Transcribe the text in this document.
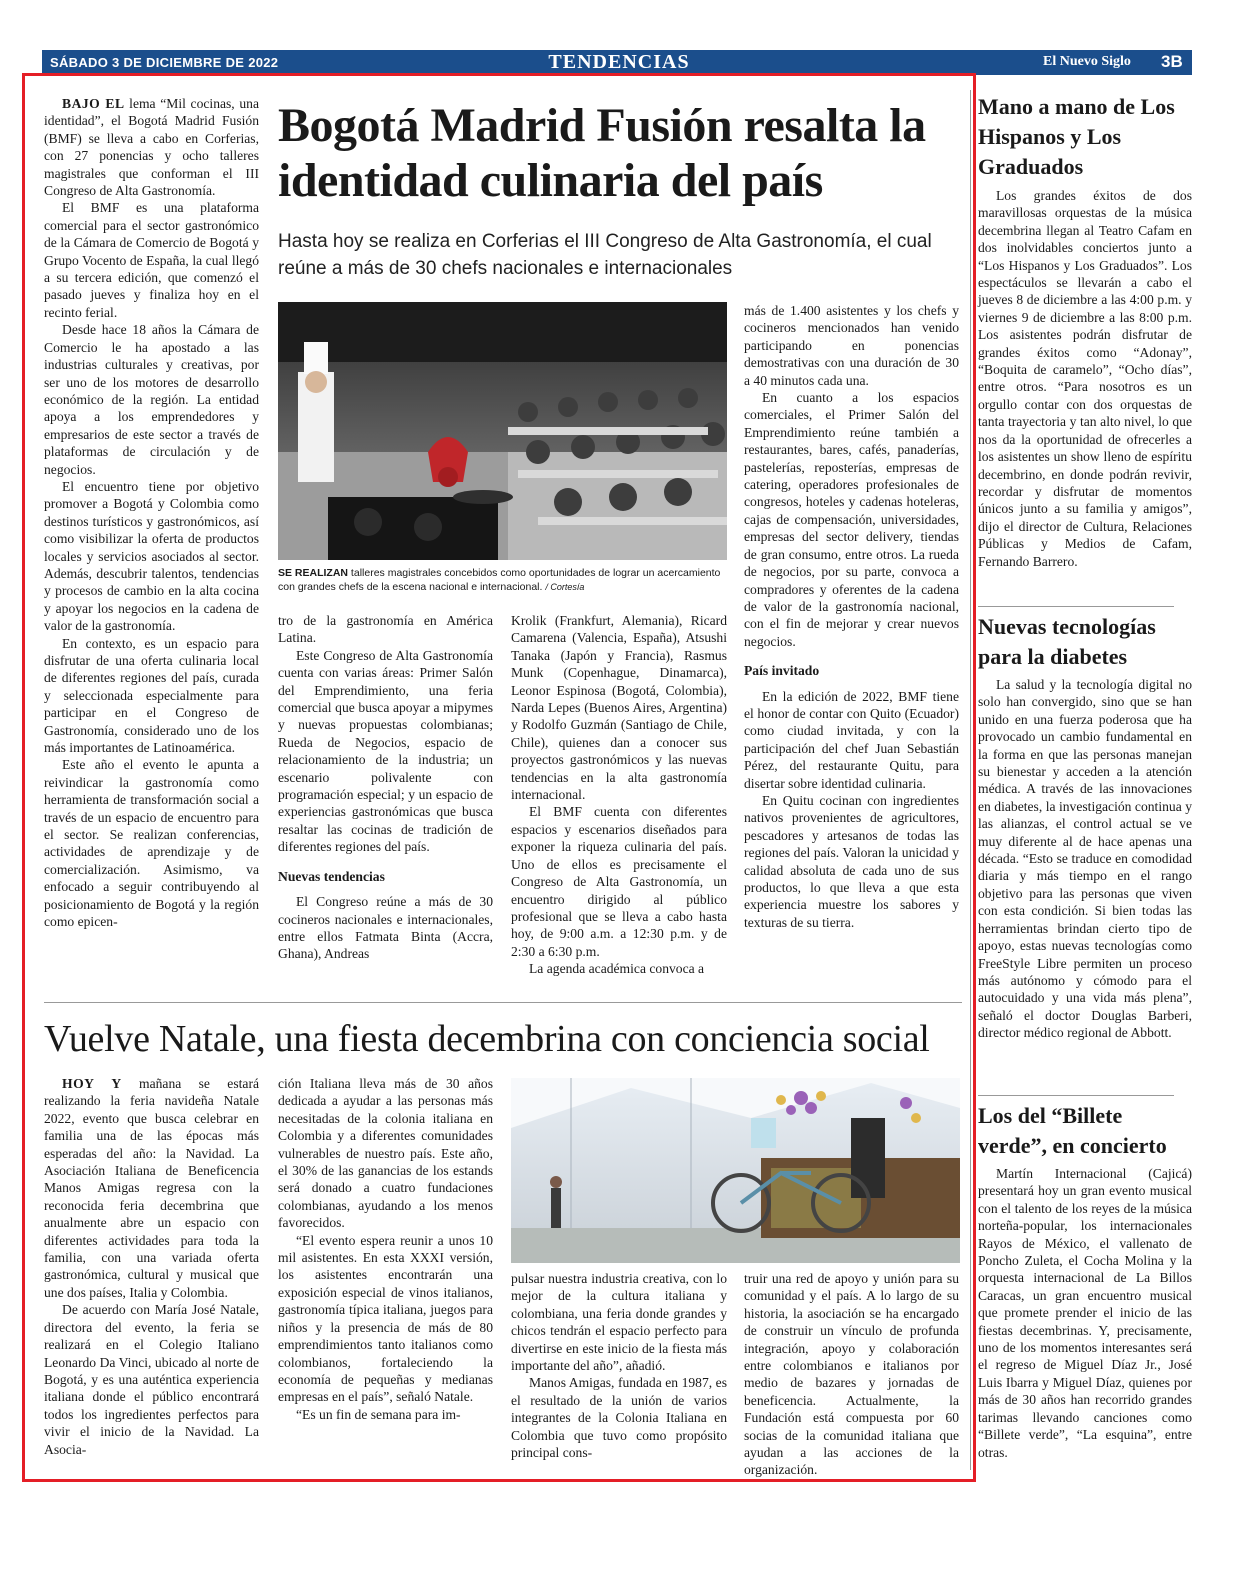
SÁBADO 3 DE DICIEMBRE DE 2022	TENDENCIAS	El Nuevo Siglo 3B

BAJO EL lema “Mil cocinas, una identidad”, el Bogotá Madrid Fusión (BMF) se lleva a cabo en Corferias, con 27 ponencias y ocho talleres magistrales que conforman el III Congreso de Alta Gastronomía.

El BMF es una plataforma comercial para el sector gastronómico de la Cámara de Comercio de Bogotá y Grupo Vocento de España, la cual llegó a su tercera edición, que comenzó el pasado jueves y finaliza hoy en el recinto ferial.

Desde hace 18 años la Cámara de Comercio le ha apostado a las industrias culturales y creativas, por ser uno de los motores de desarrollo económico de la región. La entidad apoya a los emprendedores y empresarios de este sector a través de plataformas de circulación y de negocios.

El encuentro tiene por objetivo promover a Bogotá y Colombia como destinos turísticos y gastronómicos, así como visibilizar la oferta de productos locales y servicios asociados al sector. Además, descubrir talentos, tendencias y procesos de cambio en la alta cocina y apoyar los negocios en la cadena de valor de la gastronomía.

En contexto, es un espacio para disfrutar de una oferta culinaria local de diferentes regiones del país, curada y seleccionada especialmente para participar en el Congreso de Gastronomía, considerado uno de los más importantes de Latinoamérica.

Este año el evento le apunta a reivindicar la gastronomía como herramienta de transformación social a través de un espacio de encuentro para el sector. Se realizan conferencias, actividades de aprendizaje y de comercialización. Asimismo, va enfocado a seguir contribuyendo al posicionamiento de Bogotá y la región como epicen-

Bogotá Madrid Fusión resalta la identidad culinaria del país
Hasta hoy se realiza en Corferias el III Congreso de Alta Gastronomía, el cual reúne a más de 30 chefs nacionales e internacionales
SE REALIZAN talleres magistrales concebidos como oportunidades de lograr un acercamiento con grandes chefs de la escena nacional e internacional. / Cortesía

tro de la gastronomía en América Latina.

Este Congreso de Alta Gastronomía cuenta con varias áreas: Primer Salón del Emprendimiento, una feria comercial que busca apoyar a mipymes y nuevas propuestas colombianas; Rueda de Negocios, espacio de relacionamiento de la industria; un escenario polivalente con programación especial; y un espacio de experiencias gastronómicas que busca resaltar las cocinas de tradición de diferentes regiones del país.

Nuevas tendencias

El Congreso reúne a más de 30 cocineros nacionales e internacionales, entre ellos Fatmata Binta (Accra, Ghana), Andreas

Krolik (Frankfurt, Alemania), Ricard Camarena (Valencia, España), Atsushi Tanaka (Japón y Francia), Rasmus Munk (Copenhague, Dinamarca), Leonor Espinosa (Bogotá, Colombia), Narda Lepes (Buenos Aires, Argentina) y Rodolfo Guzmán (Santiago de Chile, Chile), quienes dan a conocer sus proyectos gastronómicos y las nuevas tendencias en la alta gastronomía internacional.

El BMF cuenta con diferentes espacios y escenarios diseñados para exponer la riqueza culinaria del país. Uno de ellos es precisamente el Congreso de Alta Gastronomía, un encuentro dirigido al público profesional que se lleva a cabo hasta hoy, de 9:00 a.m. a 12:30 p.m. y de 2:30 a 6:30 p.m.

La agenda académica convoca a

más de 1.400 asistentes y los chefs y cocineros mencionados han venido participando en ponencias demostrativas con una duración de 30 a 40 minutos cada una.

En cuanto a los espacios comerciales, el Primer Salón del Emprendimiento reúne también a restaurantes, bares, cafés, panaderías, pastelerías, reposterías, empresas de catering, operadores profesionales de congresos, hoteles y cadenas hoteleras, cajas de compensación, universidades, empresas del sector delivery, tiendas de gran consumo, entre otros. La rueda de negocios, por su parte, convoca a compradores y oferentes de la cadena de valor de la gastronomía nacional, con el fin de mejorar y crear nuevos negocios.

País invitado

En la edición de 2022, BMF tiene el honor de contar con Quito (Ecuador) como ciudad invitada, y con la participación del chef Juan Sebastián Pérez, del restaurante Quitu, para disertar sobre identidad culinaria.

En Quitu cocinan con ingredientes nativos provenientes de agricultores, pescadores y artesanos de todas las regiones del país. Valoran la unicidad y calidad absoluta de cada uno de sus productos, lo que lleva a que esta experiencia muestre los sabores y texturas de su tierra.

Vuelve Natale, una fiesta decembrina con conciencia social

HOY Y mañana se estará realizando la feria navideña Natale 2022, evento que busca celebrar en familia una de las épocas más esperadas del año: la Navidad. La Asociación Italiana de Beneficencia Manos Amigas regresa con la reconocida feria decembrina que anualmente abre un espacio con diferentes actividades para toda la familia, con una variada oferta gastronómica, cultural y musical que une dos países, Italia y Colombia.

De acuerdo con María José Natale, directora del evento, la feria se realizará en el Colegio Italiano Leonardo Da Vinci, ubicado al norte de Bogotá, y es una auténtica experiencia italiana donde el público encontrará todos los ingredientes perfectos para vivir el inicio de la Navidad. La Asocia-

ción Italiana lleva más de 30 años dedicada a ayudar a las personas más necesitadas de la colonia italiana en Colombia y a diferentes comunidades vulnerables de nuestro país. Este año, el 30% de las ganancias de los estands será donado a cuatro fundaciones colombianas, ayudando a los menos favorecidos.

“El evento espera reunir a unos 10 mil asistentes. En esta XXXI versión, los asistentes encontrarán una exposición especial de vinos italianos, gastronomía típica italiana, juegos para niños y la presencia de más de 80 emprendimientos tanto italianos como colombianos, fortaleciendo la economía de pequeñas y medianas empresas en el país”, señaló Natale.

“Es un fin de semana para im-

pulsar nuestra industria creativa, con lo mejor de la cultura italiana y colombiana, una feria donde grandes y chicos tendrán el espacio perfecto para divertirse en este inicio de la fiesta más importante del año”, añadió.

Manos Amigas, fundada en 1987, es el resultado de la unión de varios integrantes de la Colonia Italiana en Colombia que tuvo como propósito principal cons-

truir una red de apoyo y unión para su comunidad y el país. A lo largo de su historia, la asociación se ha encargado de construir un vínculo de profunda integración, apoyo y colaboración entre colombianos e italianos por medio de bazares y jornadas de beneficencia. Actualmente, la Fundación está compuesta por 60 socias de la comunidad italiana que ayudan a las acciones de la organización.

Mano a mano de Los Hispanos y Los Graduados

Los grandes éxitos de dos maravillosas orquestas de la música decembrina llegan al Teatro Cafam en dos inolvidables conciertos junto a “Los Hispanos y Los Graduados”. Los espectáculos se llevarán a cabo el jueves 8 de diciembre a las 4:00 p.m. y viernes 9 de diciembre a las 8:00 p.m. Los asistentes podrán disfrutar de grandes éxitos como “Adonay”, “Boquita de caramelo”, “Ocho días”, entre otros. “Para nosotros es un orgullo contar con dos orquestas de tanta trayectoria y tan alto nivel, lo que nos da la oportunidad de ofrecerles a los asistentes un show lleno de espíritu decembrino, en donde podrán revivir, recordar y disfrutar de momentos únicos junto a su familia y amigos”, dijo el director de Cultura, Relaciones Públicas y Medios de Cafam, Fernando Barrero.

Nuevas tecnologías para la diabetes

La salud y la tecnología digital no solo han convergido, sino que se han unido en una fuerza poderosa que ha provocado un cambio fundamental en la forma en que las personas manejan su bienestar y acceden a la atención médica. A través de las innovaciones en diabetes, la investigación continua y las alianzas, el control actual se ve muy diferente al de hace apenas una década. “Esto se traduce en comodidad diaria y más tiempo en el rango objetivo para las personas que viven con esta condición. Si bien todas las herramientas brindan cierto tipo de apoyo, estas nuevas tecnologías como FreeStyle Libre permiten un proceso más autónomo y cómodo para el autocuidado y una vida más plena”, señaló el doctor Douglas Barberi, director médico regional de Abbott.

Los del “Billete verde”, en concierto

Martín Internacional (Cajicá) presentará hoy un gran evento musical con el talento de los reyes de la música norteña-popular, los internacionales Rayos de México, el vallenato de Poncho Zuleta, el Cocha Molina y la orquesta internacional de La Billos Caracas, un gran encuentro musical que promete prender el inicio de las fiestas decembrinas. Y, precisamente, uno de los momentos interesantes será el regreso de Miguel Díaz Jr., José Luis Ibarra y Miguel Díaz, quienes por más de 30 años han recorrido grandes tarimas llevando canciones como “Billete verde”, “La esquina”, entre otras.
